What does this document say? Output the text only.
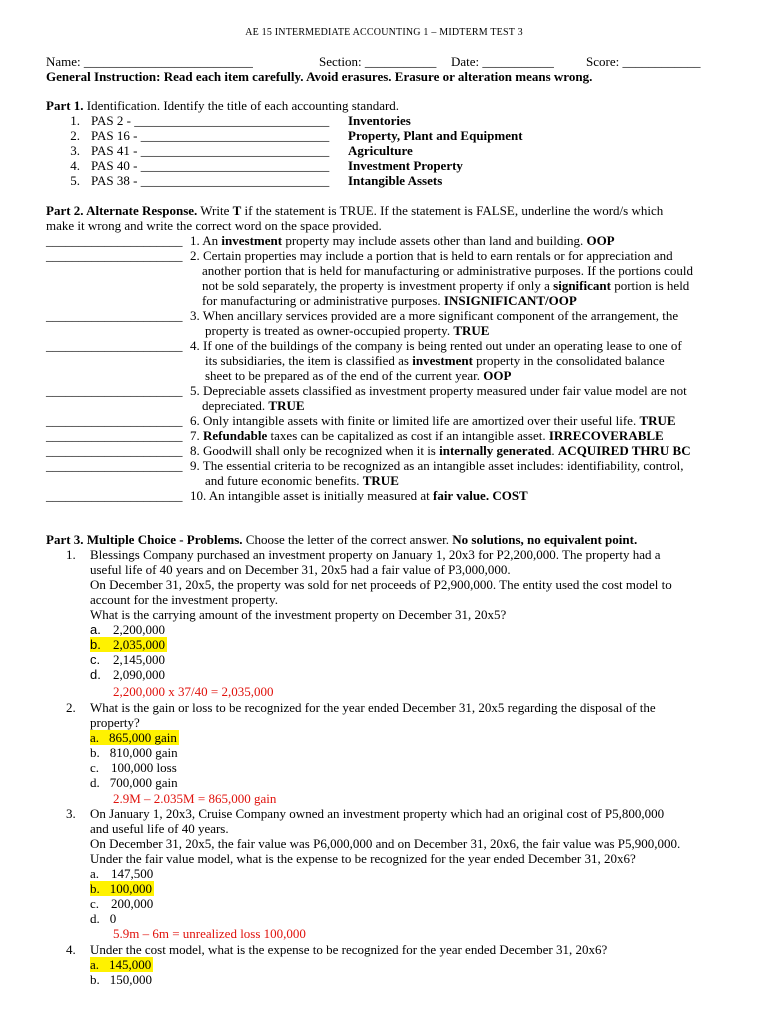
AE 15 INTERMEDIATE ACCOUNTING 1 – MIDTERM TEST 3
Name: __________________________	Section: ___________ Date: ___________ Score: ____________
General Instruction: Read each item carefully. Avoid erasures. Erasure or alteration means wrong.
Part 1. Identification. Identify the title of each accounting standard.
1. PAS 2 - ______________________________ Inventories
2. PAS 16 - _____________________________ Property, Plant and Equipment
3. PAS 41 - _____________________________ Agriculture
4. PAS 40 - _____________________________ Investment Property
5. PAS 38 - _____________________________ Intangible Assets
Part 2. Alternate Response. Write T if the statement is TRUE. If the statement is FALSE, underline the word/s which
make it wrong and write the correct word on the space provided.
_____________________ 1. An investment property may include assets other than land and building. OOP
_____________________ 2. Certain properties may include a portion that is held to earn rentals or for appreciation and
another portion that is held for manufacturing or administrative purposes. If the portions could
not be sold separately, the property is investment property if only a significant portion is held
for manufacturing or administrative purposes. INSIGNIFICANT/OOP
_____________________ 3. When ancillary services provided are a more significant component of the arrangement, the
property is treated as owner-occupied property. TRUE
_____________________ 4. If one of the buildings of the company is being rented out under an operating lease to one of
its subsidiaries, the item is classified as investment property in the consolidated balance
sheet to be prepared as of the end of the current year. OOP
_____________________ 5. Depreciable assets classified as investment property measured under fair value model are not
depreciated. TRUE
_____________________ 6. Only intangible assets with finite or limited life are amortized over their useful life. TRUE
_____________________ 7. Refundable taxes can be capitalized as cost if an intangible asset. IRRECOVERABLE
_____________________ 8. Goodwill shall only be recognized when it is internally generated. ACQUIRED THRU BC
_____________________ 9. The essential criteria to be recognized as an intangible asset includes: identifiability, control,
and future economic benefits. TRUE
_____________________ 10. An intangible asset is initially measured at fair value. COST
Part 3. Multiple Choice - Problems. Choose the letter of the correct answer. No solutions, no equivalent point.
1. Blessings Company purchased an investment property on January 1, 20x3 for P2,200,000. The property had a
useful life of 40 years and on December 31, 20x5 had a fair value of P3,000,000.
On December 31, 20x5, the property was sold for net proceeds of P2,900,000. The entity used the cost model to
account for the investment property.
What is the carrying amount of the investment property on December 31, 20x5?
a. 2,200,000
b. 2,035,000
c. 2,145,000
d. 2,090,000
2,200,000 x 37/40 = 2,035,000
2. What is the gain or loss to be recognized for the year ended December 31, 20x5 regarding the disposal of the
property?
a. 865,000 gain
b. 810,000 gain
c. 100,000 loss
d. 700,000 gain
2.9M – 2.035M = 865,000 gain
3. On January 1, 20x3, Cruise Company owned an investment property which had an original cost of P5,800,000
and useful life of 40 years.
On December 31, 20x5, the fair value was P6,000,000 and on December 31, 20x6, the fair value was P5,900,000.
Under the fair value model, what is the expense to be recognized for the year ended December 31, 20x6?
a. 147,500
b. 100,000
c. 200,000
d. 0
5.9m – 6m = unrealized loss 100,000
4. Under the cost model, what is the expense to be recognized for the year ended December 31, 20x6?
a. 145,000
b. 150,000
